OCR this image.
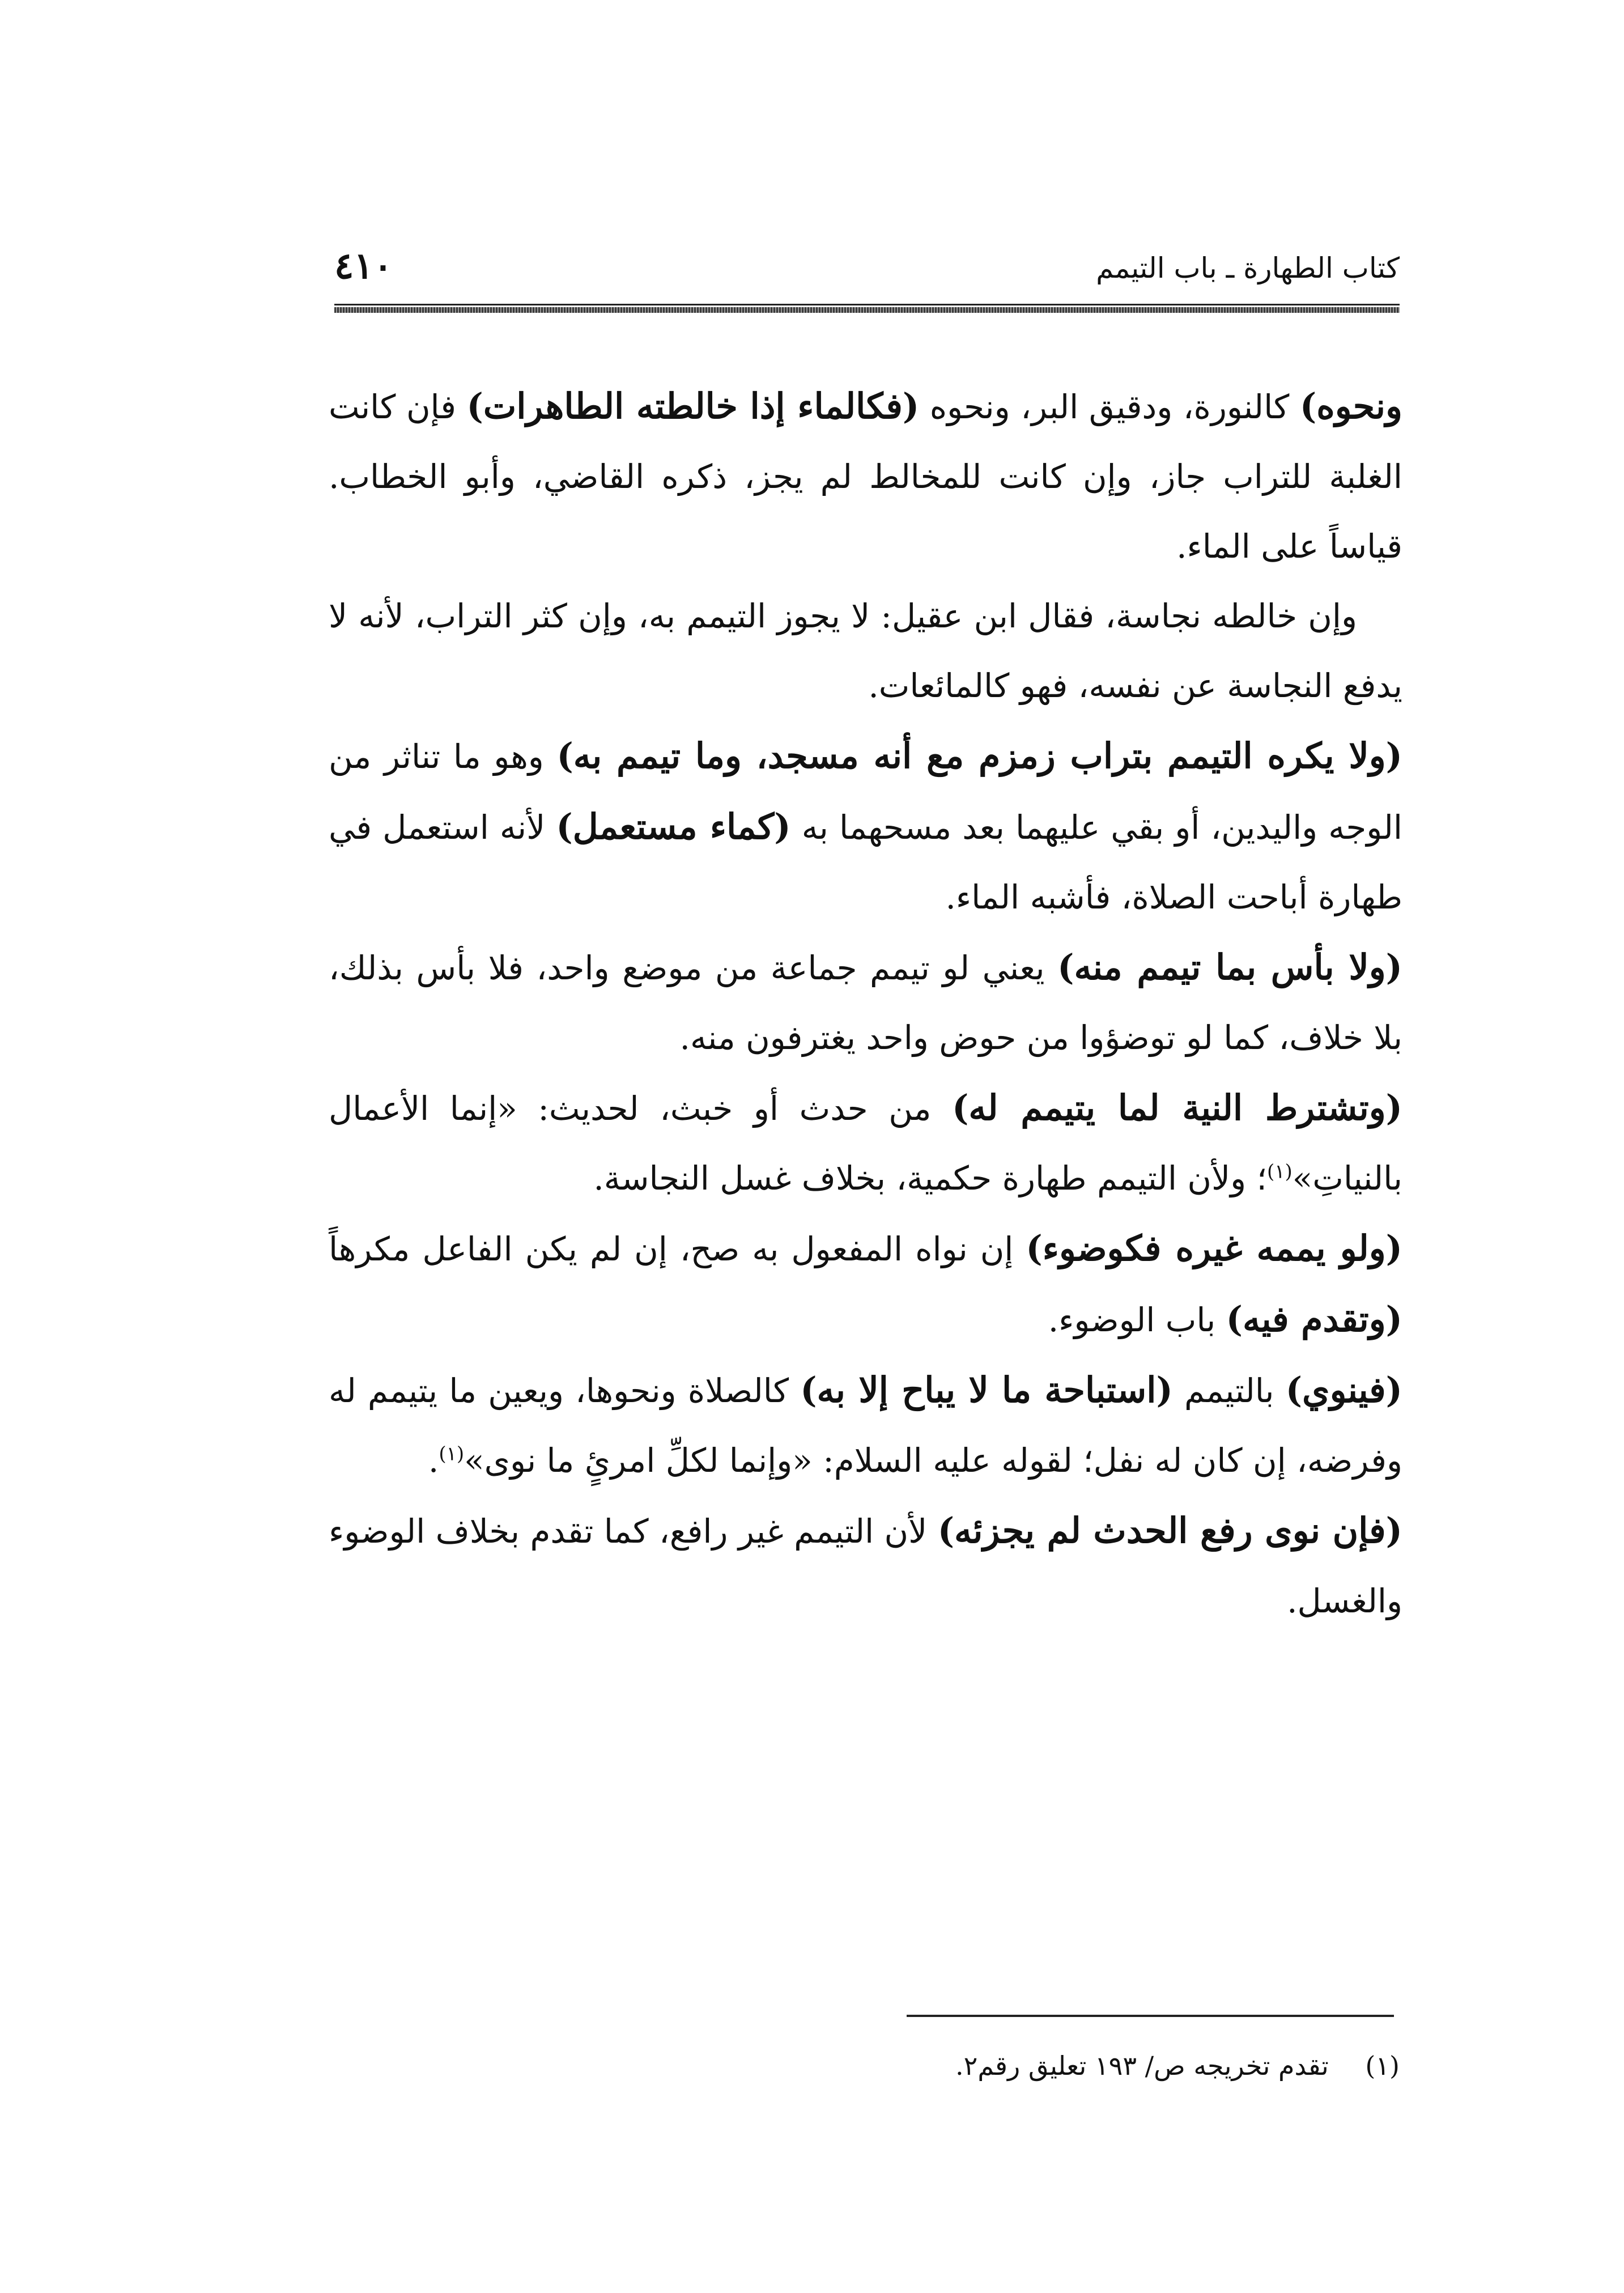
كتاب الطهارة ـ باب التيمم
٤١٠

ونحوه) كالنورة، ودقيق البر، ونحوه (فكالماء إذا خالطته الطاهرات) فإن كانت الغلبة للتراب جاز، وإن كانت للمخالط لم يجز، ذكره القاضي، وأبو الخطاب. قياساً على الماء.

وإن خالطه نجاسة، فقال ابن عقيل: لا يجوز التيمم به، وإن كثر التراب، لأنه لا يدفع النجاسة عن نفسه، فهو كالمائعات.

(ولا يكره التيمم بتراب زمزم مع أنه مسجد، وما تيمم به) وهو ما تناثر من الوجه واليدين، أو بقي عليهما بعد مسحهما به (كماء مستعمل) لأنه استعمل في طهارة أباحت الصلاة، فأشبه الماء.

(ولا بأس بما تيمم منه) يعني لو تيمم جماعة من موضع واحد، فلا بأس بذلك، بلا خلاف، كما لو توضؤوا من حوض واحد يغترفون منه.

(وتشترط النية لما يتيمم له) من حدث أو خبث، لحديث: «إنما الأعمال بالنياتِ»$^{(١)}$؛ ولأن التيمم طهارة حكمية، بخلاف غسل النجاسة.

(ولو يممه غيره فكوضوء) إن نواه المفعول به صح، إن لم يكن الفاعل مكرهاً (وتقدم فيه) باب الوضوء.

(فينوي) بالتيمم (استباحة ما لا يباح إلا به) كالصلاة ونحوها، ويعين ما يتيمم له وفرضه، إن كان له نفل؛ لقوله عليه السلام: «وإنما لكلِّ امرئٍ ما نوى»$^{(١)}$.

(فإن نوى رفع الحدث لم يجزئه) لأن التيمم غير رافع، كما تقدم بخلاف الوضوء والغسل.

(١) تقدم تخريجه ص/ ١٩٣ تعليق رقم٢.
